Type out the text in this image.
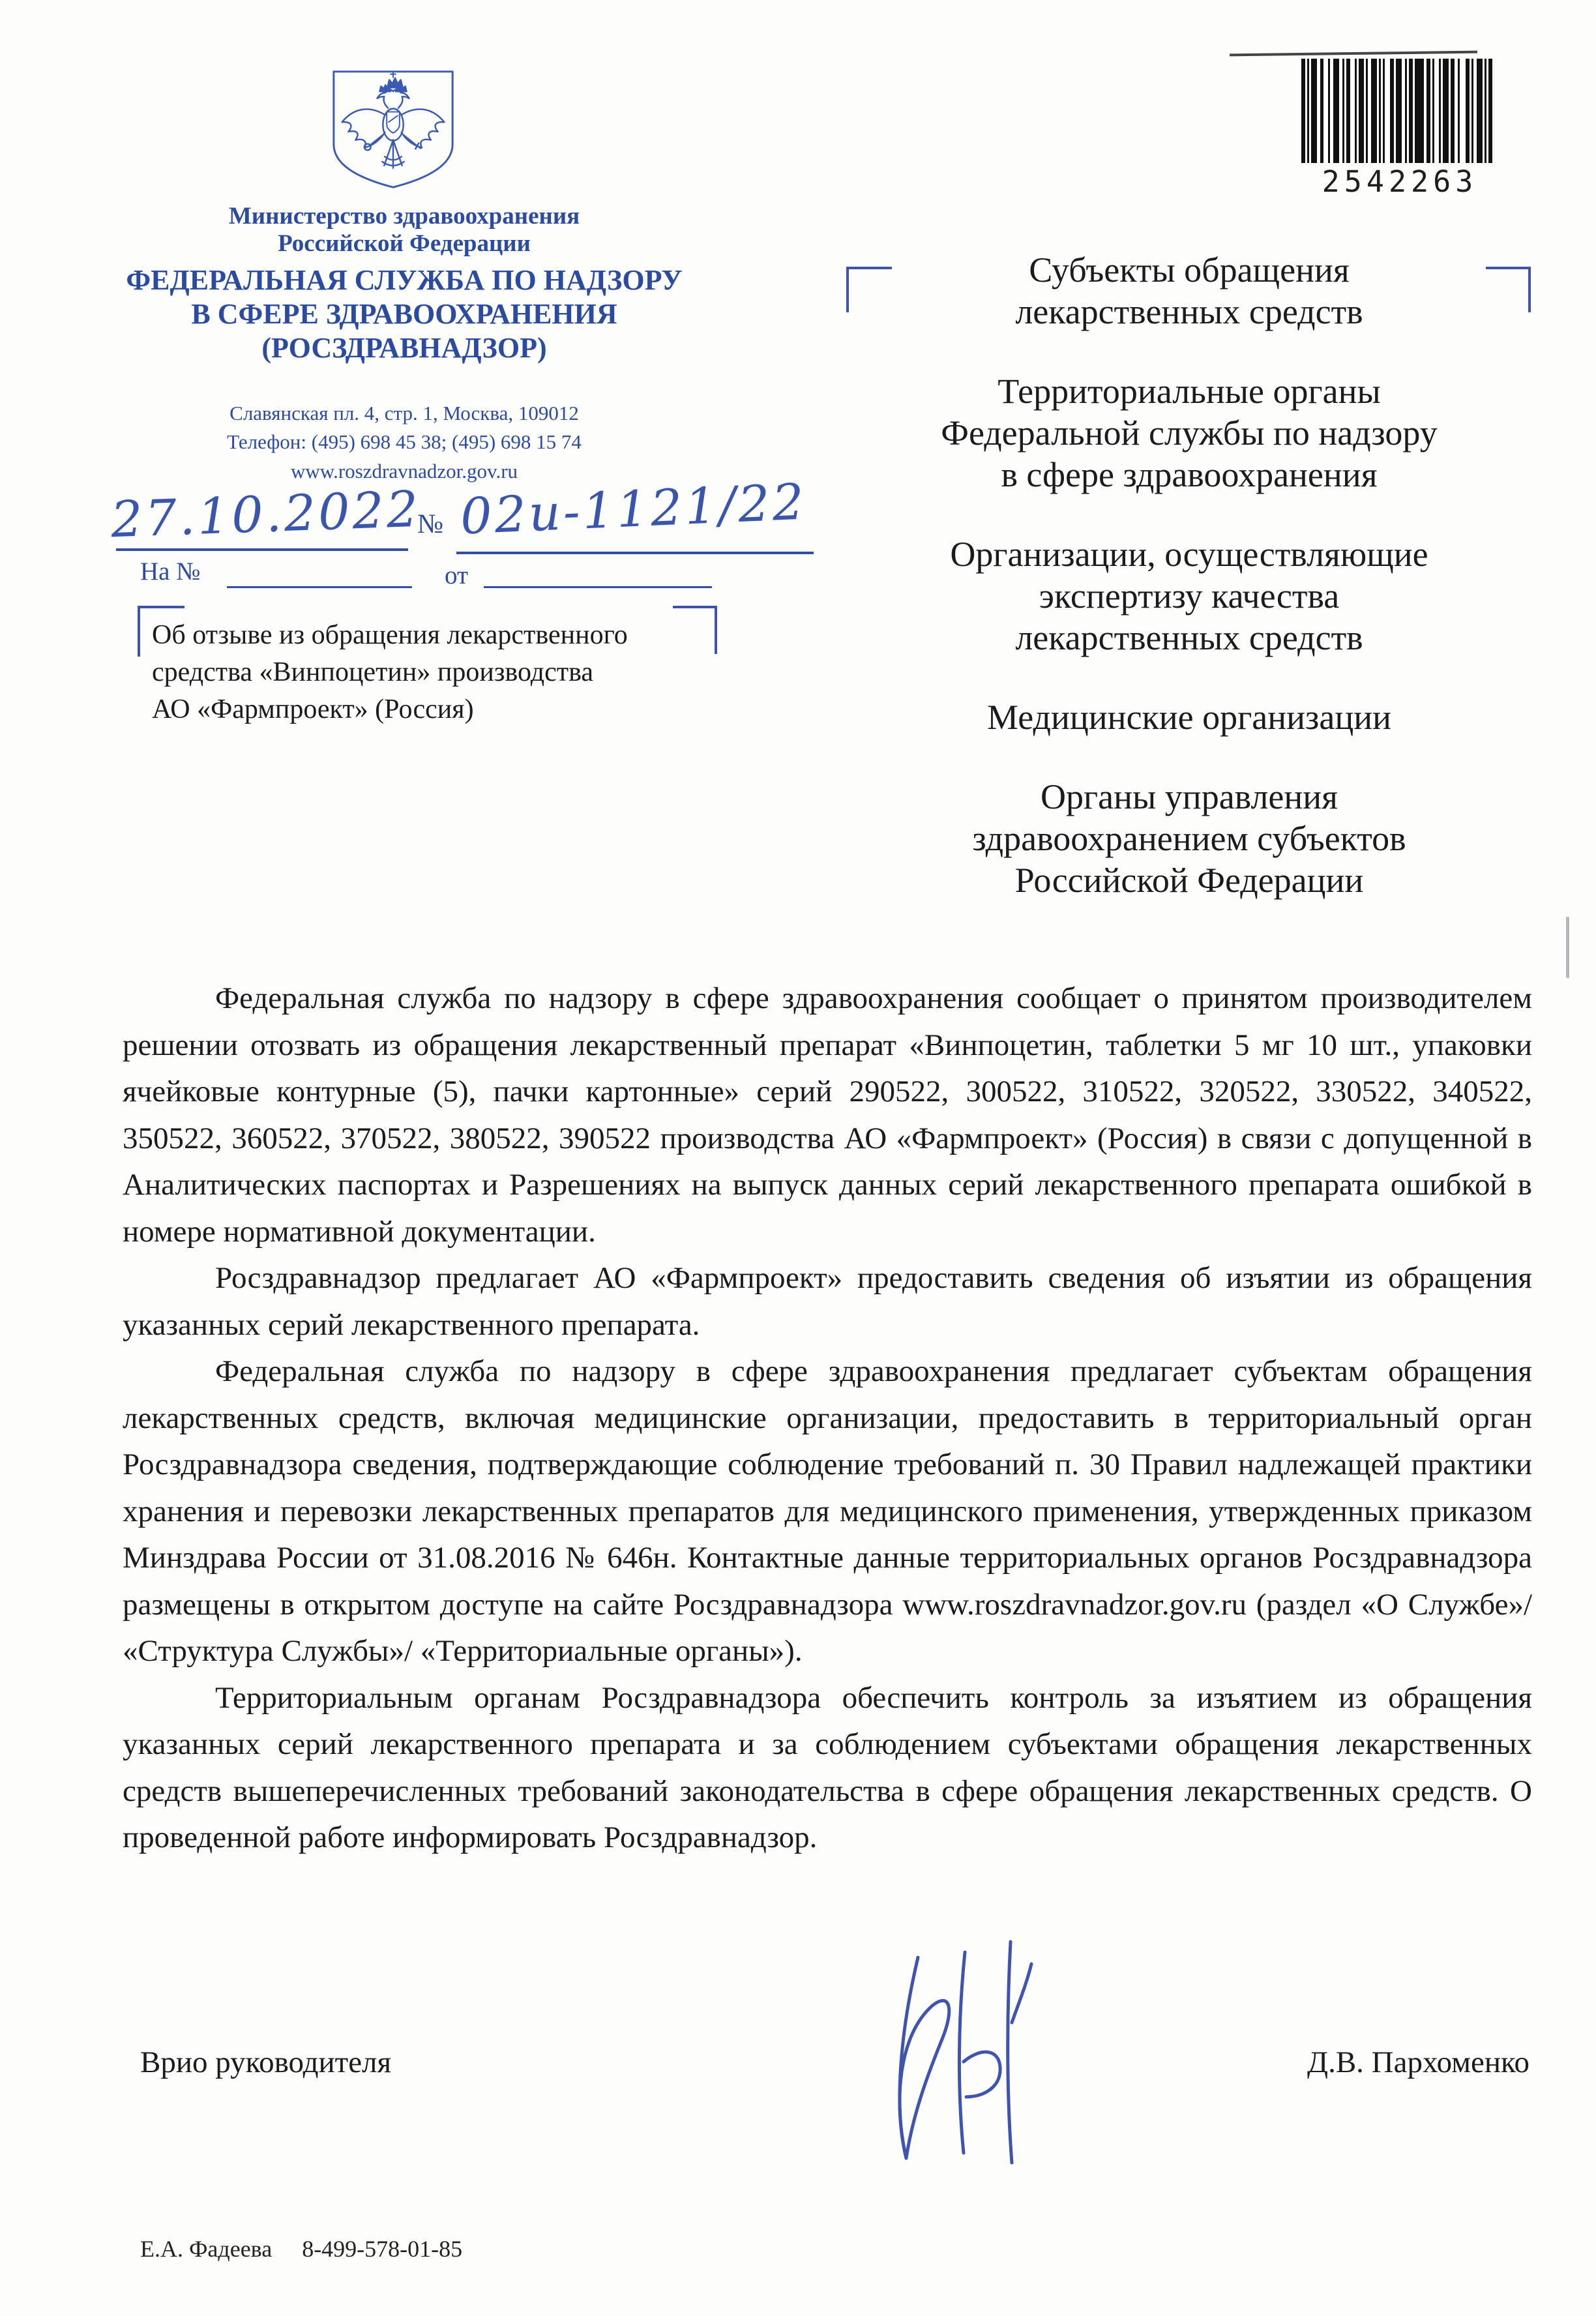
Министерство здравоохранения
Российской Федерации
ФЕДЕРАЛЬНАЯ СЛУЖБА ПО НАДЗОРУ
В СФЕРЕ ЗДРАВООХРАНЕНИЯ
(РОСЗДРАВНАДЗОР)
Славянская пл. 4, стр. 1, Москва, 109012
Телефон: (495) 698 45 38; (495) 698 15 74
www.roszdravnadzor.gov.ru
27.10.2022
№ 02и-1121/22
На №	от
Об отзыве из обращения лекарственного
средства «Винпоцетин» производства
АО «Фармпроект» (Россия)
Субъекты обращения
лекарственных средств
Территориальные органы
Федеральной службы по надзору
в сфере здравоохранения
Организации, осуществляющие
экспертизу качества
лекарственных средств
Медицинские организации
Органы управления
здравоохранением субъектов
Российской Федерации
2542263

Федеральная служба по надзору в сфере здравоохранения сообщает о принятом производителем решении отозвать из обращения лекарственный препарат «Винпоцетин, таблетки 5 мг 10 шт., упаковки ячейковые контурные (5), пачки картонные» серий 290522, 300522, 310522, 320522, 330522, 340522, 350522, 360522, 370522, 380522, 390522 производства АО «Фармпроект» (Россия) в связи с допущенной в Аналитических паспортах и Разрешениях на выпуск данных серий лекарственного препарата ошибкой в номере нормативной документации.

Росздравнадзор предлагает АО «Фармпроект» предоставить сведения об изъятии из обращения указанных серий лекарственного препарата.

Федеральная служба по надзору в сфере здравоохранения предлагает субъектам обращения лекарственных средств, включая медицинские организации, предоставить в территориальный орган Росздравнадзора сведения, подтверждающие соблюдение требований п. 30 Правил надлежащей практики хранения и перевозки лекарственных препаратов для медицинского применения, утвержденных приказом Минздрава России от 31.08.2016 № 646н. Контактные данные территориальных органов Росздравнадзора размещены в открытом доступе на сайте Росздравнадзора www.roszdravnadzor.gov.ru (раздел «О Службе»/ «Структура Службы»/ «Территориальные органы»).

Территориальным органам Росздравнадзора обеспечить контроль за изъятием из обращения указанных серий лекарственного препарата и за соблюдением субъектами обращения лекарственных средств вышеперечисленных требований законодательства в сфере обращения лекарственных средств. О проведенной работе информировать Росздравнадзор.

Врио руководителя	Д.В. Пархоменко
Е.А. Фадеева 8-499-578-01-85
